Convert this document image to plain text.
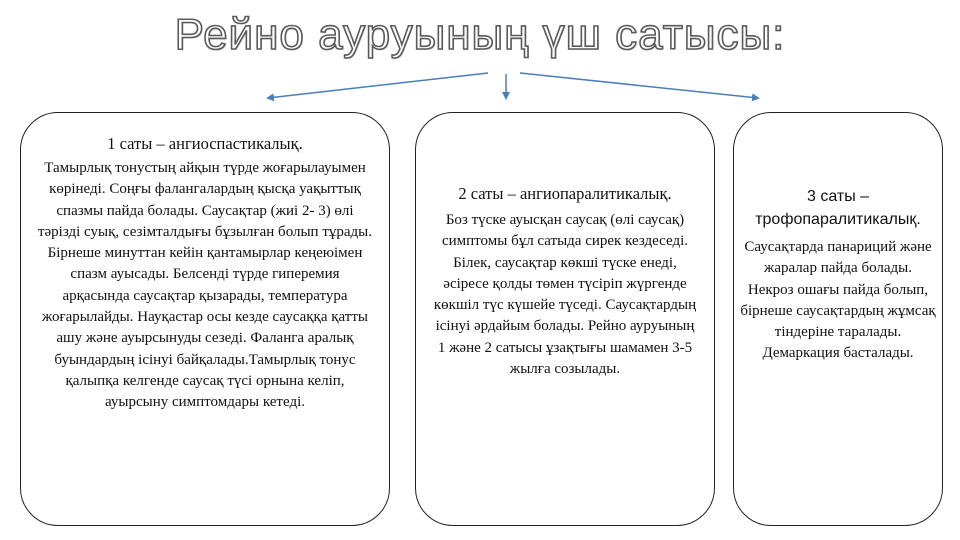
Рейно ауруының үш сатысы:

1 саты – ангиоспастикалық.

Тамырлық тонустың айқын түрде жоғарылауымен көрінеді. Соңғы фалангалардың қысқа уақыттық спазмы пайда болады. Саусақтар (жиі 2- 3) өлі тәрізді суық, сезімталдығы бұзылған болып тұрады. Бірнеше минуттан кейін қантамырлар кеңеюімен спазм ауысады. Белсенді түрде гиперемия арқасында саусақтар қызарады, температура жоғарылайды. Науқастар осы кезде саусаққа қатты ашу және ауырсынуды сезеді. Фаланга аралық буындардың ісінуі байқалады.Тамырлық тонус қалыпқа келгенде саусақ түсі орнына келіп, ауырсыну симптомдары кетеді.

2 саты – ангиопаралитикалық.

Боз түске ауысқан саусақ (өлі саусақ) симптомы бұл сатыда сирек кездеседі. Білек, саусақтар көкші түске енеді, әсіресе қолды төмен түсіріп жүргенде көкшіл түс күшейе түседі. Саусақтардың ісінуі әрдайым болады. Рейно ауруының 1 және 2 сатысы ұзақтығы шамамен 3-5 жылға созылады.

3 саты – трофопаралитикалық.

Саусақтарда панариций және жаралар пайда болады. Некроз ошағы пайда болып, бірнеше саусақтардың жұмсақ тіндеріне таралады. Демаркация басталады.
